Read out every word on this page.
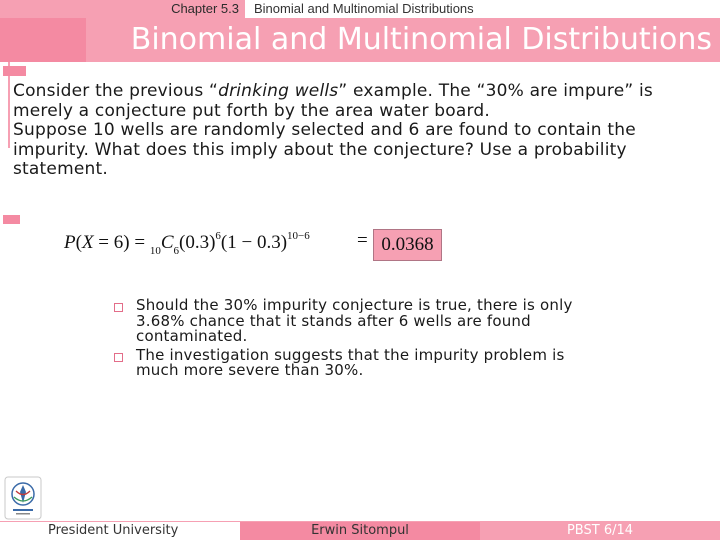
Chapter 5.3	Binomial and Multinomial Distributions
Binomial and Multinomial Distributions

Consider the previous “drinking wells” example. The “30% are impure” is merely a conjecture put forth by the area water board.

Suppose 10 wells are randomly selected and 6 are found to contain the impurity. What does this imply about the conjecture? Use a probability statement.

$P(X = 6) = _{10}C_6(0.3)^6(1 - 0.3)^{10-6} = 0.0368$
Should the 30% impurity conjecture is true, there is only 3.68% chance that it stands after 6 wells are found contaminated.
The investigation suggests that the impurity problem is much more severe than 30%.
President University	Erwin Sitompul	PBST 6/14
